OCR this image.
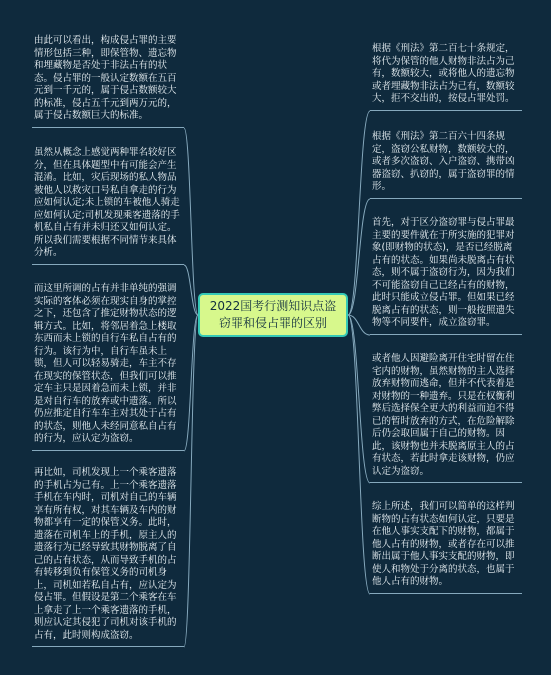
由此可以看出，构成侵占罪的主要情形包括三种，即保管物、遗忘物和埋藏物是否处于非法占有的状态。侵占罪的一般认定数额在五百元到一千元的，属于侵占数额较大的标准，侵占五千元到两万元的，属于侵占数额巨大的标准。
虽然从概念上感觉两种罪名较好区分，但在具体题型中有可能会产生混淆。比如，灾后现场的私人物品被他人以救灾口号私自拿走的行为应如何认定;未上锁的车被他人骑走应如何认定;司机发现乘客遗落的手机私自占有并未归还又如何认定。所以我们需要根据不同情节来具体分析。
而这里所调的占有并非单纯的强调实际的客体必须在现实自身的掌控之下，还包含了推定财物状态的逻辑方式。比如，将邻居着急上楼取东西而未上锁的自行车私自占有的行为。该行为中，自行车虽未上锁，但人可以轻易骑走，车主不存在现实的保管状态，但我们可以推定车主只是因着急而未上锁，并非是对自行车的放弃或中遗落。所以仍应推定自行车车主对其处于占有的状态，则他人未经同意私自占有的行为，应认定为盗窃。
再比如，司机发现上一个乘客遗落的手机占为己有。上一个乘客遗落手机在车内时，司机对自己的车辆享有所有权，对其车辆及车内的财物都享有一定的保管义务。此时，遗落在司机车上的手机，原主人的遗落行为已经导致其财物脱离了自己的占有状态，从而导致手机的占有转移到负有保管义务的司机身上，司机如若私自占有，应认定为侵占罪。但假设是第二个乘客在车上拿走了上一个乘客遗落的手机，则应认定其侵犯了司机对该手机的占有，此时则构成盗窃。
2022国考行测知识点盗窃罪和侵占罪的区别
根据《刑法》第二百七十条规定，将代为保管的他人财物非法占为己有，数额较大，或将他人的遗忘物或者埋藏物非法占为己有，数额较大，拒不交出的，按侵占罪处罚。
根据《刑法》第二百六十四条规定，盗窃公私财物，数额较大的，或者多次盗窃、入户盗窃、携带凶器盗窃、扒窃的，属于盗窃罪的情形。
首先，对于区分盗窃罪与侵占罪最主要的要件就在于所实施的犯罪对象(即财物的状态)，是否已经脱离占有的状态。如果尚未脱离占有状态，则不属于盗窃行为，因为我们不可能盗窃自己已经占有的财物，此时只能成立侵占罪。但如果已经脱离占有的状态，则一般按照遗失物等不同要件，成立盗窃罪。
或者他人因避险离开住宅时留在住宅内的财物，虽然财物的主人选择放弃财物而逃命，但并不代表着是对财物的一种遗弃。只是在权衡利弊后选择保全更大的利益而迫不得已的暂时放弃的方式，在危险解除后仍会取回属于自己的财物。因此，该财物也并未脱离原主人的占有状态，若此时拿走该财物，仍应认定为盗窃。
综上所述，我们可以简单的这样判断物的占有状态如何认定，只要是在他人事实支配下的财物，都属于他人占有的财物，或者存在可以推断出属于他人事实支配的财物，即使人和物处于分离的状态，也属于他人占有的财物。
